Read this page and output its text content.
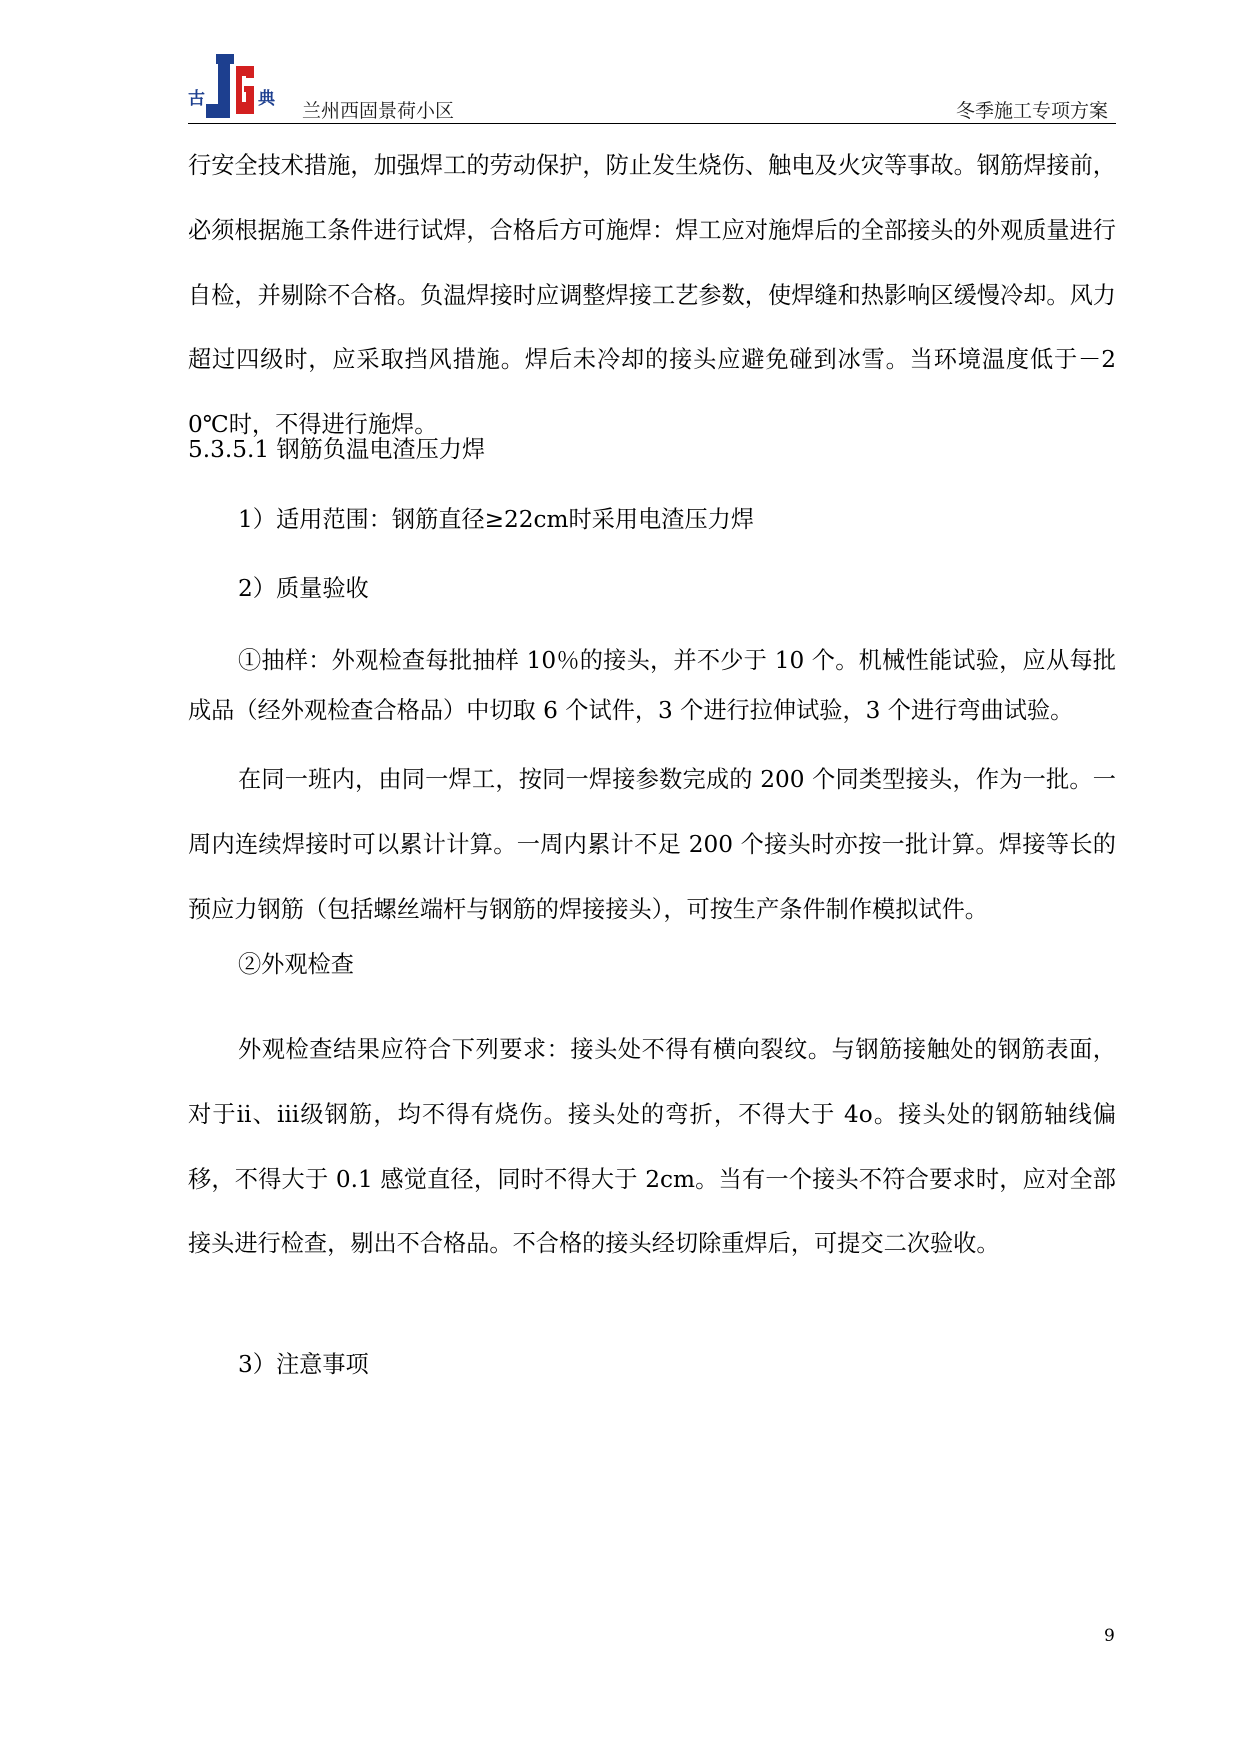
古	典
兰州西固景荷小区	冬季施工专项方案

行安全技术措施，加强焊工的劳动保护，防止发生烧伤、触电及火灾等事故。钢筋焊接前，必须根据施工条件进行试焊，合格后方可施焊：焊工应对施焊后的全部接头的外观质量进行自检，并剔除不合格。负温焊接时应调整焊接工艺参数，使焊缝和热影响区缓慢冷却。风力超过四级时，应采取挡风措施。焊后未冷却的接头应避免碰到冰雪。当环境温度低于－20℃时，不得进行施焊。

5.3.5.1 钢筋负温电渣压力焊

1）适用范围：钢筋直径≥22cm时采用电渣压力焊

2）质量验收

①抽样：外观检查每批抽样 10％的接头，并不少于 10 个。机械性能试验，应从每批成品（经外观检查合格品）中切取 6 个试件，3 个进行拉伸试验，3 个进行弯曲试验。

在同一班内，由同一焊工，按同一焊接参数完成的 200 个同类型接头，作为一批。一周内连续焊接时可以累计计算。一周内累计不足 200 个接头时亦按一批计算。焊接等长的预应力钢筋（包括螺丝端杆与钢筋的焊接接头），可按生产条件制作模拟试件。

②外观检查

外观检查结果应符合下列要求：接头处不得有横向裂纹。与钢筋接触处的钢筋表面，对于ⅱ、ⅲ级钢筋，均不得有烧伤。接头处的弯折，不得大于 4o。接头处的钢筋轴线偏移，不得大于 0.1 感觉直径，同时不得大于 2cm。当有一个接头不符合要求时，应对全部接头进行检查，剔出不合格品。不合格的接头经切除重焊后，可提交二次验收。

3）注意事项

9
